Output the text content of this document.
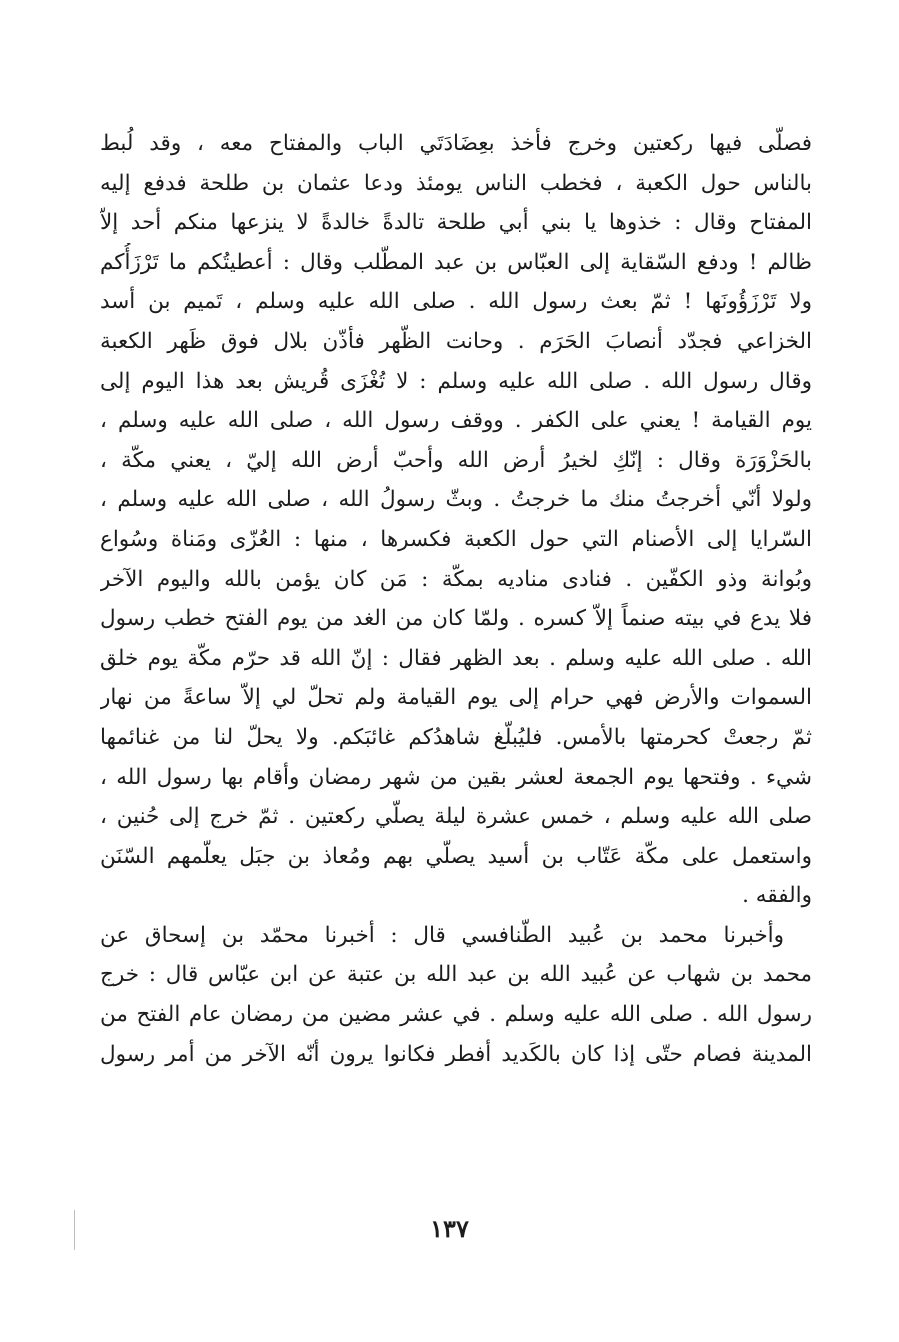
فصلّى فيها ركعتين وخرج فأخذ بعِضَادَتَي الباب والمفتاح معه ، وقد لُبط
بالناس حول الكعبة ، فخطب الناس يومئذ ودعا عثمان بن طلحة فدفع إليه
المفتاح وقال : خذوها يا بني أبي طلحة تالدةً خالدةً لا ينزعها منكم أحد إلاّ
ظالم ! ودفع السّقاية إلى العبّاس بن عبد المطّلب وقال : أعطيتُكم ما تَرْزَأُكم
ولا تَرْزَؤُونَها ! ثمّ بعث رسول الله . صلى الله عليه وسلم ، تَميم بن أسد
الخزاعي فجدّد أنصابَ الحَرَم . وحانت الظّهر فأذّن بلال فوق ظَهر الكعبة
وقال رسول الله . صلى الله عليه وسلم : لا تُغْزَى قُريش بعد هذا اليوم إلى
يوم القيامة ! يعني على الكفر . ووقف رسول الله ، صلى الله عليه وسلم ،
بالحَزْوَرَة وقال : إنّكِ لخيرُ أرض الله وأحبّ أرض الله إليّ ، يعني مكّة ،
ولولا أنّي أخرجتُ منك ما خرجتُ . وبثّ رسولُ الله ، صلى الله عليه وسلم ،
السّرايا إلى الأصنام التي حول الكعبة فكسرها ، منها : العُزّى ومَناة وسُواع
وبُوانة وذو الكفّين . فنادى مناديه بمكّة : مَن كان يؤمن بالله واليوم الآخر
فلا يدع في بيته صنماً إلاّ كسره . ولمّا كان من الغد من يوم الفتح خطب رسول
الله . صلى الله عليه وسلم . بعد الظهر فقال : إنّ الله قد حرّم مكّة يوم خلق
السموات والأرض فهي حرام إلى يوم القيامة ولم تحلّ لي إلاّ ساعةً من نهار
ثمّ رجعتْ كحرمتها بالأمس. فليُبلّغ شاهدُكم غائبَكم. ولا يحلّ لنا من غنائمها
شيء . وفتحها يوم الجمعة لعشر بقين من شهر رمضان وأقام بها رسول الله ،
صلى الله عليه وسلم ، خمس عشرة ليلة يصلّي ركعتين . ثمّ خرج إلى حُنين ،
واستعمل على مكّة عَتّاب بن أسيد يصلّي بهم ومُعاذ بن جبَل يعلّمهم السّنَن
والفقه .
وأخبرنا محمد بن عُبيد الطّنافسي قال : أخبرنا محمّد بن إسحاق عن
محمد بن شهاب عن عُبيد الله بن عبد الله بن عتبة عن ابن عبّاس قال : خرج
رسول الله . صلى الله عليه وسلم . في عشر مضين من رمضان عام الفتح من
المدينة فصام حتّى إذا كان بالكَديد أفطر فكانوا يرون أنّه الآخر من أمر رسول
١٣٧
